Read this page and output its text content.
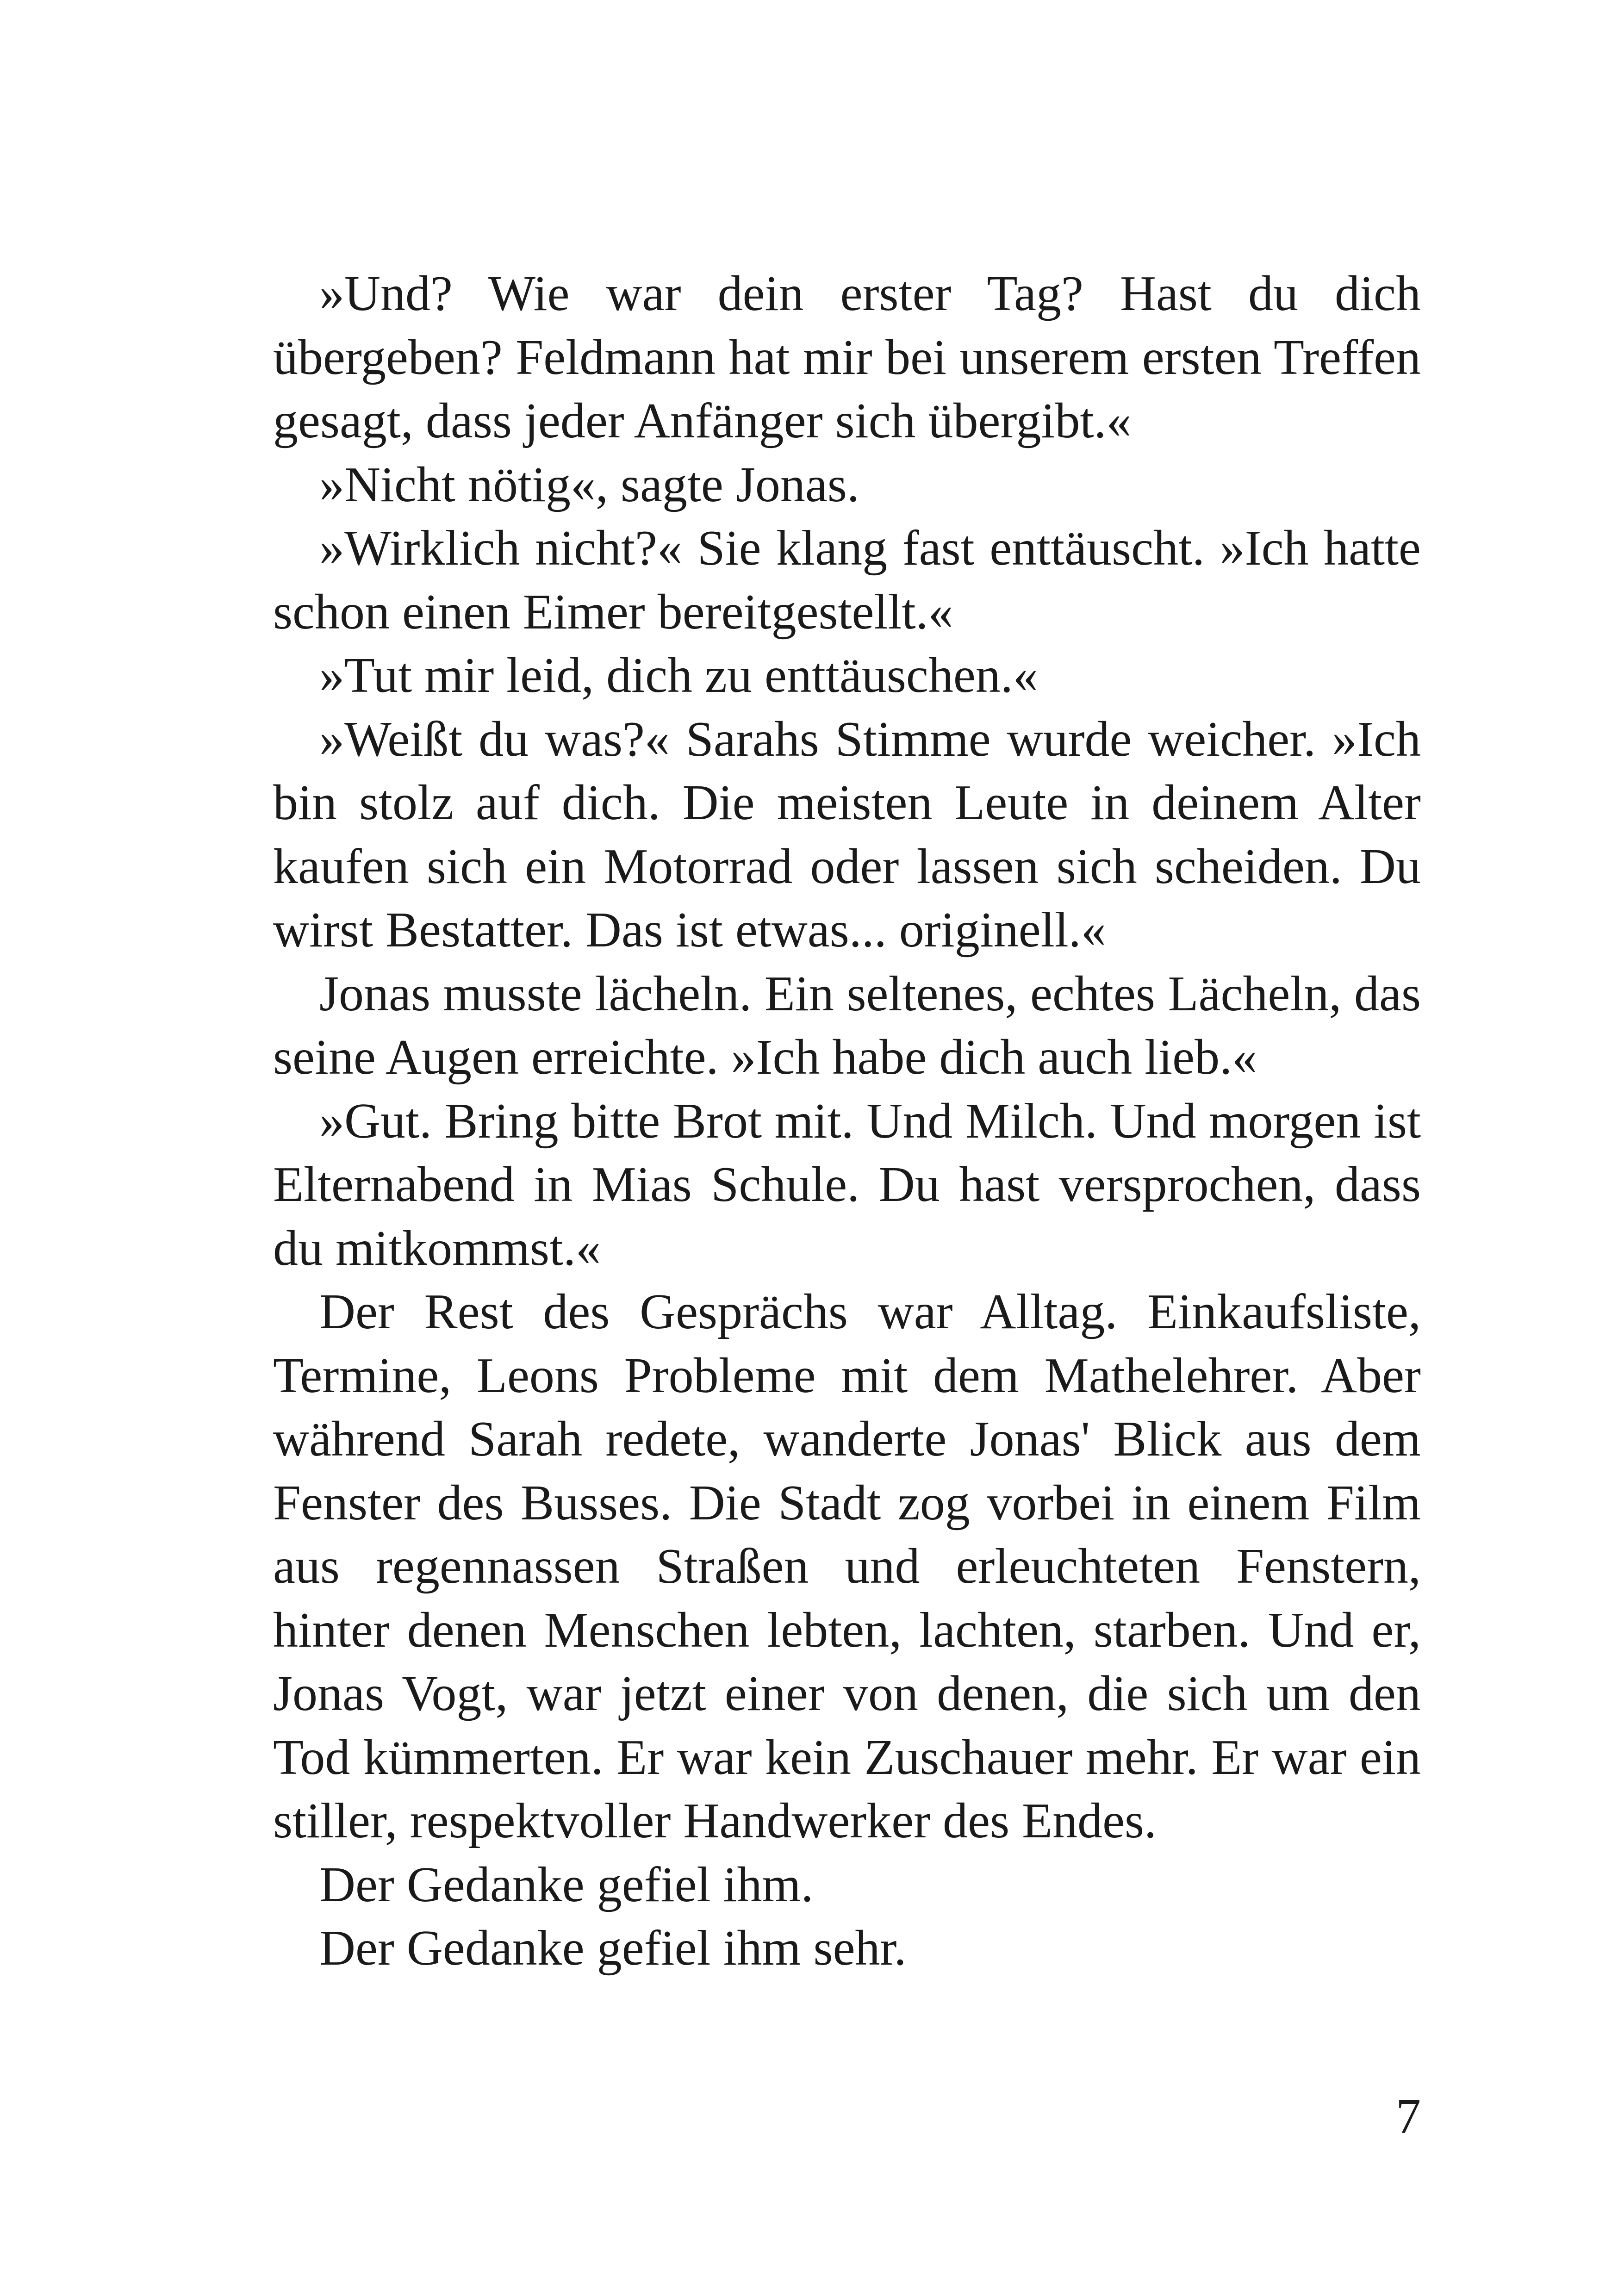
»Und? Wie war dein erster Tag? Hast du dich übergeben? Feldmann hat mir bei unserem ersten Treffen gesagt, dass jeder Anfänger sich übergibt.«

»Nicht nötig«, sagte Jonas.

»Wirklich nicht?« Sie klang fast enttäuscht. »Ich hatte schon einen Eimer bereitgestellt.«

»Tut mir leid, dich zu enttäuschen.«

»Weißt du was?« Sarahs Stimme wurde weicher. »Ich bin stolz auf dich. Die meisten Leute in deinem Alter kaufen sich ein Motorrad oder lassen sich scheiden. Du wirst Bestatter. Das ist etwas... originell.«

Jonas musste lächeln. Ein seltenes, echtes Lächeln, das seine Augen erreichte. »Ich habe dich auch lieb.«

»Gut. Bring bitte Brot mit. Und Milch. Und morgen ist Elternabend in Mias Schule. Du hast versprochen, dass du mitkommst.«

Der Rest des Gesprächs war Alltag. Einkaufsliste, Termine, Leons Probleme mit dem Mathelehrer. Aber während Sarah redete, wanderte Jonas' Blick aus dem Fenster des Busses. Die Stadt zog vorbei in einem Film aus regennassen Straßen und erleuchteten Fenstern, hinter denen Menschen lebten, lachten, starben. Und er, Jonas Vogt, war jetzt einer von denen, die sich um den Tod kümmerten. Er war kein Zuschauer mehr. Er war ein stiller, respektvoller Handwerker des Endes.

Der Gedanke gefiel ihm.

Der Gedanke gefiel ihm sehr.

7
